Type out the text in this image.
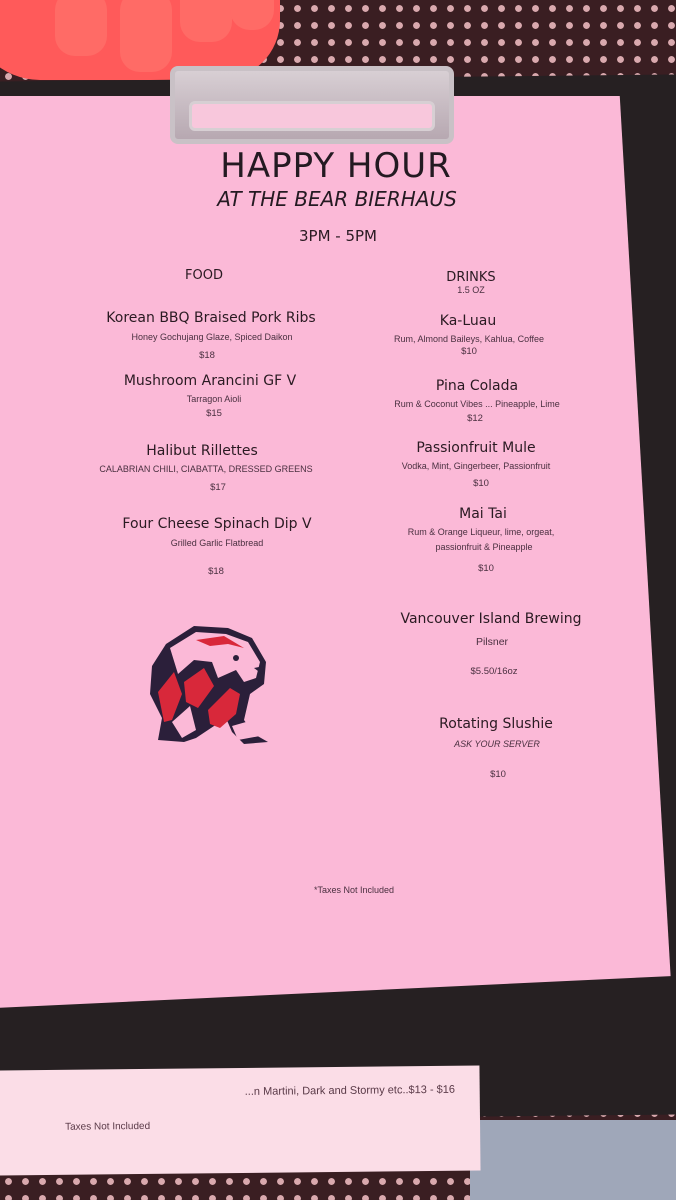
...n Martini, Dark and Stormy etc..$13 - $16
Taxes Not Included
HAPPY HOUR
AT THE BEAR BIERHAUS
3PM - 5PM
FOOD
Korean BBQ Braised Pork Ribs
Honey Gochujang Glaze, Spiced Daikon
$18
Mushroom Arancini GF V
Tarragon Aioli
$15
Halibut Rillettes
CALABRIAN CHILI, CIABATTA, DRESSED GREENS
$17
Four Cheese Spinach Dip V
Grilled Garlic Flatbread
$18
DRINKS
1.5 OZ
Ka-Luau
Rum, Almond Baileys, Kahlua, Coffee
$10
Pina Colada
Rum & Coconut Vibes ... Pineapple, Lime
$12
Passionfruit Mule
Vodka, Mint, Gingerbeer, Passionfruit
$10
Mai Tai
Rum & Orange Liqueur, lime, orgeat,
passionfruit & Pineapple
$10
Vancouver Island Brewing
Pilsner
$5.50/16oz
Rotating Slushie
ASK YOUR SERVER
$10
*Taxes Not Included
